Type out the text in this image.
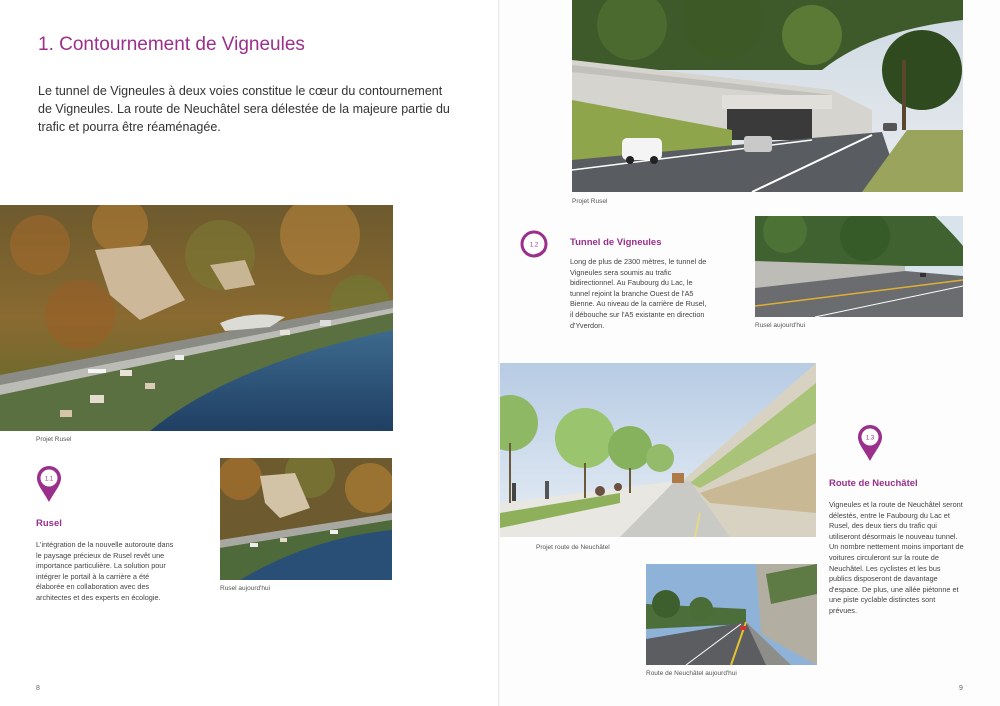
1. Contournement de Vigneules
Le tunnel de Vigneules à deux voies constitue le cœur du contournement de Vigneules. La route de Neuchâtel sera délestée de la majeure partie du trafic et pourra être réaménagée.
Projet Rusel
1.1
Rusel
L'intégration de la nouvelle autoroute dans le paysage précieux de Rusel revêt une importance particulière. La solution pour intégrer le portail à la carrière a été élaborée en collaboration avec des architectes et des experts en écologie.
Rusel aujourd'hui
8
Projet Rusel
1.2	Tunnel de Vigneules
Long de plus de 2300 mètres, le tunnel de Vigneules sera soumis au trafic bidirectionnel. Au Faubourg du Lac, le tunnel rejoint la branche Ouest de l'A5 Bienne. Au niveau de la carrière de Rusel, il débouche sur l'A5 existante en direction d'Yverdon.	Rusel aujourd'hui
Projet route de Neuchâtel
1.3
Route de Neuchâtel
Vigneules et la route de Neuchâtel seront délestés, entre le Faubourg du Lac et Rusel, des deux tiers du trafic qui utiliseront désormais le nouveau tunnel. Un nombre nettement moins important de voitures circuleront sur la route de Neuchâtel. Les cyclistes et les bus publics disposeront de davantage d'espace. De plus, une allée piétonne et une piste cyclable distinctes sont prévues.
Route de Neuchâtel aujourd'hui
9
